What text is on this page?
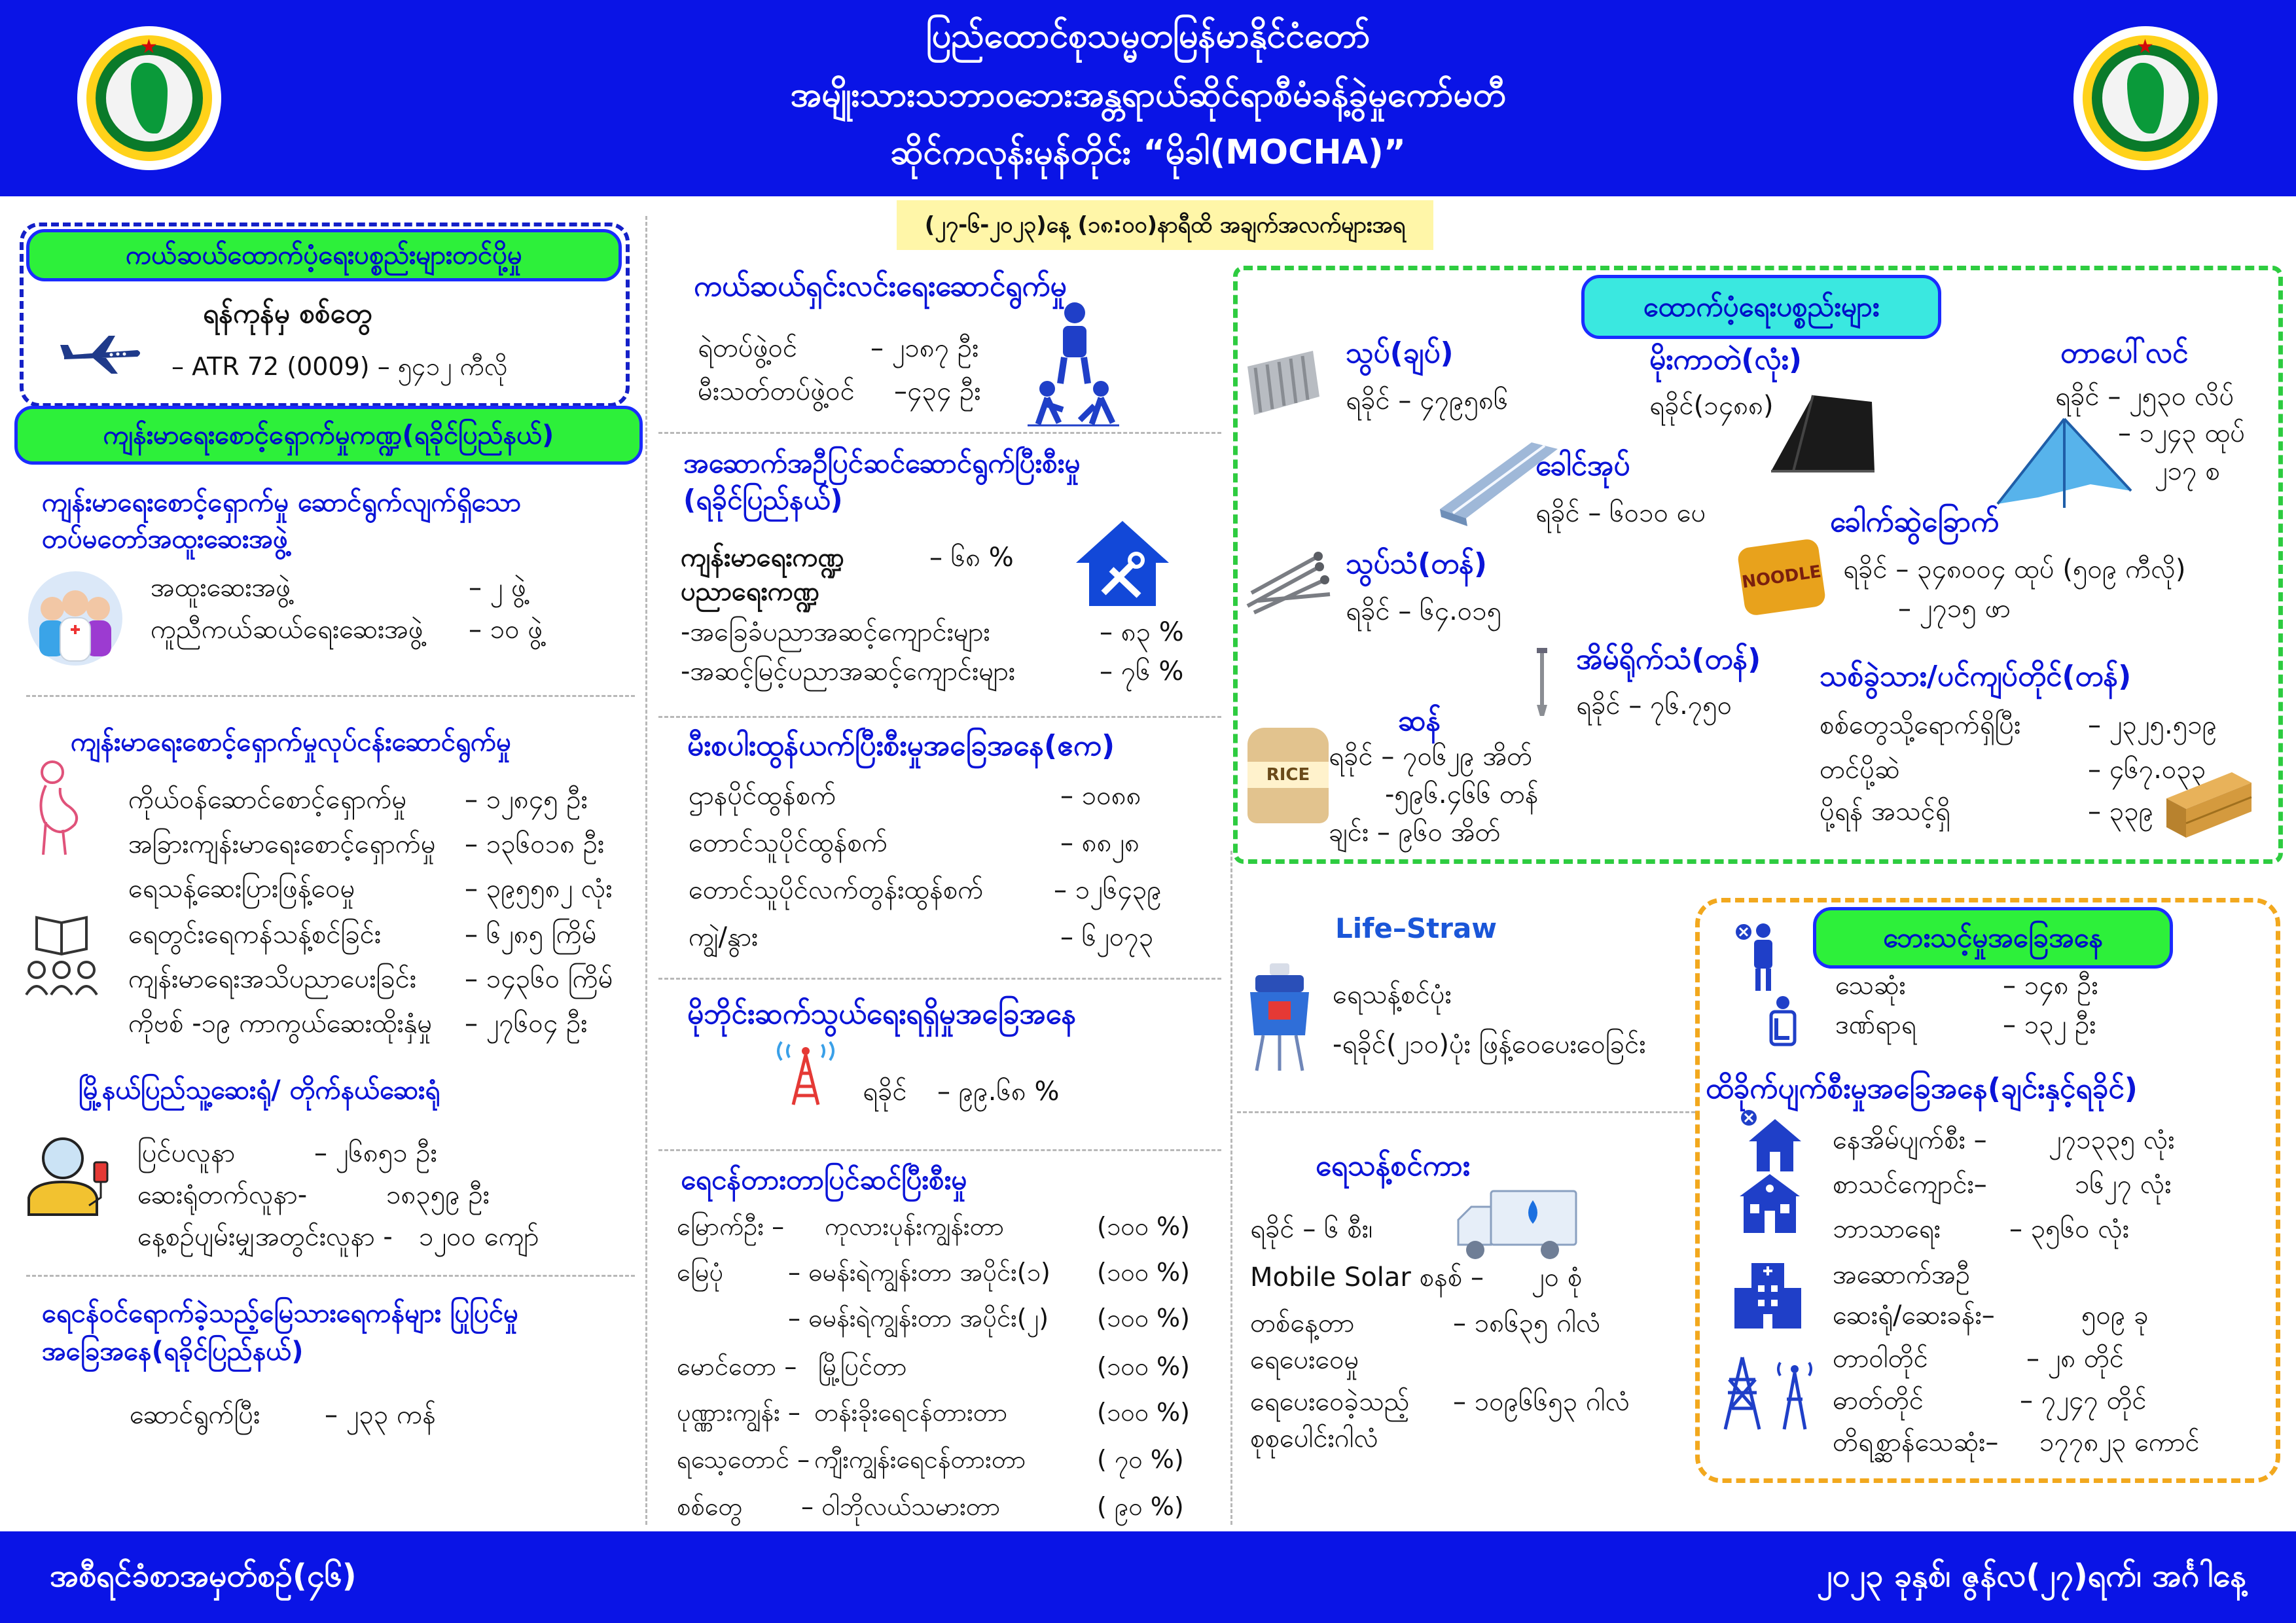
★	★
ပြည်ထောင်စုသမ္မတမြန်မာနိုင်ငံတော်
အမျိုးသားသဘာဝဘေးအန္တရာယ်ဆိုင်ရာစီမံခန့်ခွဲမှုကော်မတီ
ဆိုင်ကလုန်းမုန်တိုင်း “မိုခါ(MOCHA)”
(၂၇-၆-၂၀၂၃)နေ့ (၁၈:၀၀)နာရီထိ အချက်အလက်များအရ
ကယ်ဆယ်ထောက်ပံ့ရေးပစ္စည်းများတင်ပို့မှု
ရန်ကုန်မှ စစ်တွေ
– ATR 72 (0009) – ၅၄၁၂ ကီလို
ကျန်းမာရေးစောင့်ရှောက်မှုကဏ္ဍ(ရခိုင်ပြည်နယ်)
ကျန်းမာရေးစောင့်ရှောက်မှု ဆောင်ရွက်လျက်ရှိသော တပ်မတော်အထူးဆေးအဖွဲ့
အထူးဆေးအဖွဲ့	– ၂ ဖွဲ့
ကူညီကယ်ဆယ်ရေးဆေးအဖွဲ့ – ၁၀ ဖွဲ့
ကျန်းမာရေးစောင့်ရှောက်မှုလုပ်ငန်းဆောင်ရွက်မှု
ကိုယ်ဝန်ဆောင်စောင့်ရှောက်မှု – ၁၂၈၄၅ ဦး
အခြားကျန်းမာရေးစောင့်ရှောက်မှု – ၁၃၆၀၁၈ ဦး
ရေသန့်ဆေးပြားဖြန့်ဝေမှု	– ၃၉၅၅၈၂ လုံး
ရေတွင်းရေကန်သန့်စင်ခြင်း	– ၆၂၈၅ ကြိမ်
ကျန်းမာရေးအသိပညာပေးခြင်း – ၁၄၃၆၀ ကြိမ်
ကိုဗစ် -၁၉ ကာကွယ်ဆေးထိုးနှံမှု – ၂၇၆၀၄ ဦး
မြို့နယ်ပြည်သူ့ဆေးရုံ/ တိုက်နယ်ဆေးရုံ
ပြင်ပလူနာ	– ၂၆၈၅၁ ဦး
ဆေးရုံတက်လူနာ-	၁၈၃၅၉ ဦး
နေ့စဉ်ပျမ်းမျှအတွင်းလူနာ - ၁၂၀၀ ကျော်
ရေငန်ဝင်ရောက်ခဲ့သည့်မြေသားရေကန်များ ပြုပြင်မှုအခြေအနေ(ရခိုင်ပြည်နယ်)
ဆောင်ရွက်ပြီး – ၂၃၃ ကန်
ကယ်ဆယ်ရှင်းလင်းရေးဆောင်ရွက်မှု
ရဲတပ်ဖွဲ့ဝင်	– ၂၁၈၇ ဦး
မီးသတ်တပ်ဖွဲ့ဝင် –၄၃၄ ဦး
အဆောက်အဦပြင်ဆင်ဆောင်ရွက်ပြီးစီးမှု (ရခိုင်ပြည်နယ်)
ကျန်းမာရေးကဏ္ဍ	– ၆၈ %
ပညာရေးကဏ္ဍ
-အခြေခံပညာအဆင့်ကျောင်းများ	– ၈၃ %
-အဆင့်မြင့်ပညာအဆင့်ကျောင်းများ	– ၇၆ %
မီးစပါးထွန်ယက်ပြီးစီးမှုအခြေအနေ(ဧက)
ဌာနပိုင်ထွန်စက်	– ၁၀၈၈
တောင်သူပိုင်ထွန်စက်	– ၈၈၂၈
တောင်သူပိုင်လက်တွန်းထွန်စက်	– ၁၂၆၄၃၉
ကျွဲ/နွား	– ၆၂၀၇၃
မိုဘိုင်းဆက်သွယ်ရေးရရှိမှုအခြေအနေ
ရခိုင် – ၉၉.၆၈ %
ရေငန်တားတာပြင်ဆင်ပြီးစီးမှု
မြောက်ဦး – ကုလားပုန်းကျွန်းတာ	(၁၀၀ %)
မြေပုံ	– ဓမန်းရဲကျွန်းတာ အပိုင်း(၁) (၁၀၀ %)
– ဓမန်းရဲကျွန်းတာ အပိုင်း(၂) (၁၀၀ %)
မောင်တော – မြို့ပြင်တာ	(၁၀၀ %)
ပုဏ္ဏားကျွန်း – တန်းခိုးရေငန်တားတာ	(၁၀၀ %)
ရသေ့တောင် – ကျီးကျွန်းရေငန်တားတာ	( ၇၀ %)
စစ်တွေ – ဝါဘိုလယ်သမားတာ	( ၉၀ %)
ထောက်ပံ့ရေးပစ္စည်းများ
သွပ်(ချပ်)
ရခိုင် – ၄၇၉၅၈၆
မိုးကာတဲ(လုံး)
ရခိုင်(၁၄၈၈)
တာပေါ်လင်
ရခိုင် – ၂၅၃၀ လိပ်
– ၁၂၄၃ ထုပ်
၂၁၇ စ
ခေါင်အုပ်
ရခိုင် – ၆၀၁၀ ပေ
သွပ်သံ(တန်)
ရခိုင် – ၆၄.၀၁၅
ခေါက်ဆွဲခြောက်
ရခိုင် – ၃၄၈၀၀၄ ထုပ် (၅၀၉ ကီလို)
– ၂၇၁၅ ဖာ
NOODLE
အိမ်ရိုက်သံ(တန်)
ရခိုင် – ၇၆.၇၅၀
ဆန်
ရခိုင် – ၇၀၆၂၉ အိတ်
-၅၉၆.၄၆၆ တန်
ချင်း – ၉၆၀ အိတ်
RICE
သစ်ခွဲသား/ပင်ကျပ်တိုင်(တန်)
စစ်တွေသို့ရောက်ရှိပြီး	– ၂၃၂၅.၅၁၉
တင်ပို့ဆဲ	– ၄၆၇.၀၃၃
ပို့ရန် အသင့်ရှိ	– ၃၃၉
Life–Straw
ရေသန့်စင်ပုံး
-ရခိုင်(၂၁၀)ပုံး ဖြန့်ဝေပေးဝေခြင်း
ရေသန့်စင်ကား
ရခိုင် – ၆ စီး၊
Mobile Solar စနစ် – ၂၀ စုံ
တစ်နေ့တာ	– ၁၈၆၃၅ ဂါလံ
ရေပေးဝေမှု
ရေပေးဝေခဲ့သည့် – ၁၀၉၆၆၅၃ ဂါလံ
စုစုပေါင်းဂါလံ
ဘေးသင့်မှုအခြေအနေ
သေဆုံး	– ၁၄၈ ဦး
ဒဏ်ရာရ	– ၁၃၂ ဦး
ထိခိုက်ပျက်စီးမှုအခြေအနေ(ချင်းနှင့်ရခိုင်)
နေအိမ်ပျက်စီး – ၂၇၁၃၃၅ လုံး
စာသင်ကျောင်း–	၁၆၂၇ လုံး
ဘာသာရေး	– ၃၅၆၀ လုံး
အဆောက်အဦ
ဆေးရုံ/ဆေးခန်း–	၅၀၉ ခု
တာဝါတိုင်	– ၂၈ တိုင်
ဓာတ်တိုင်	– ၇၂၄၇ တိုင်
တိရစ္ဆာန်သေဆုံး– ၁၇၇၈၂၃ ကောင်
အစီရင်ခံစာအမှတ်စဉ်(၄၆)	၂၀၂၃ ခုနှစ်၊ ဇွန်လ(၂၇)ရက်၊ အင်္ဂါနေ့
